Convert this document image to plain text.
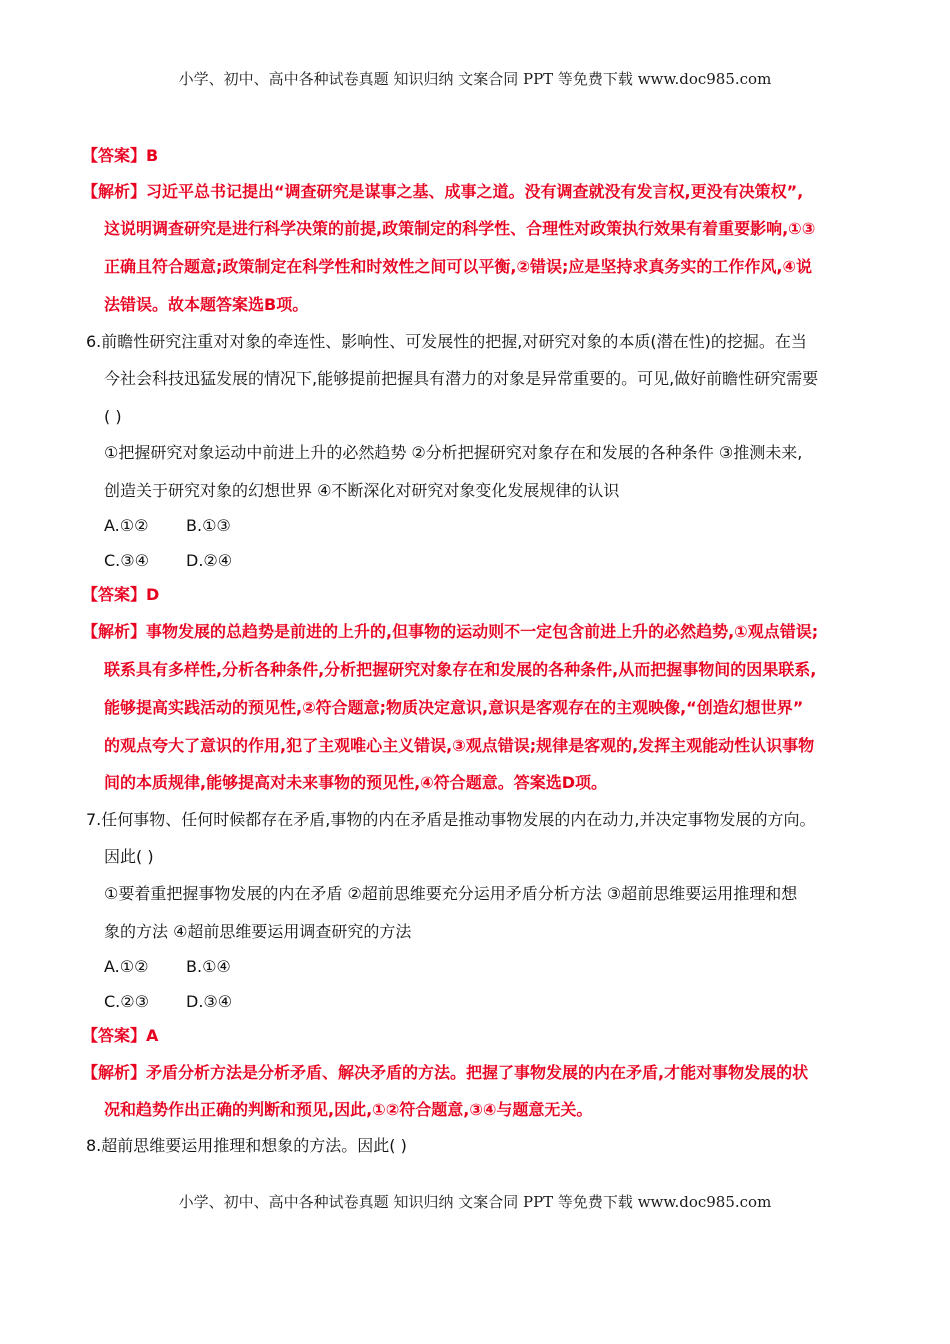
小学、初中、高中各种试卷真题 知识归纳 文案合同 PPT 等免费下载 www.doc985.com
【答案】B
【解析】习近平总书记提出“调查研究是谋事之基、成事之道。没有调查就没有发言权,更没有决策权”,
这说明调查研究是进行科学决策的前提,政策制定的科学性、合理性对政策执行效果有着重要影响,①③
正确且符合题意;政策制定在科学性和时效性之间可以平衡,②错误;应是坚持求真务实的工作作风,④说
法错误。故本题答案选B项。
6.前瞻性研究注重对对象的牵连性、影响性、可发展性的把握,对研究对象的本质(潜在性)的挖掘。在当
今社会科技迅猛发展的情况下,能够提前把握具有潜力的对象是异常重要的。可见,做好前瞻性研究需要
( )
①把握研究对象运动中前进上升的必然趋势 ②分析把握研究对象存在和发展的各种条件 ③推测未来,
创造关于研究对象的幻想世界 ④不断深化对研究对象变化发展规律的认识
A.①② B.①③
C.③④ D.②④
【答案】D
【解析】事物发展的总趋势是前进的上升的,但事物的运动则不一定包含前进上升的必然趋势,①观点错误;
联系具有多样性,分析各种条件,分析把握研究对象存在和发展的各种条件,从而把握事物间的因果联系,
能够提高实践活动的预见性,②符合题意;物质决定意识,意识是客观存在的主观映像,“创造幻想世界”
的观点夸大了意识的作用,犯了主观唯心主义错误,③观点错误;规律是客观的,发挥主观能动性认识事物
间的本质规律,能够提高对未来事物的预见性,④符合题意。答案选D项。
7.任何事物、任何时候都存在矛盾,事物的内在矛盾是推动事物发展的内在动力,并决定事物发展的方向。
因此( )
①要着重把握事物发展的内在矛盾 ②超前思维要充分运用矛盾分析方法 ③超前思维要运用推理和想
象的方法 ④超前思维要运用调查研究的方法
A.①② B.①④
C.②③ D.③④
【答案】A
【解析】矛盾分析方法是分析矛盾、解决矛盾的方法。把握了事物发展的内在矛盾,才能对事物发展的状
况和趋势作出正确的判断和预见,因此,①②符合题意,③④与题意无关。
8.超前思维要运用推理和想象的方法。因此( )
小学、初中、高中各种试卷真题 知识归纳 文案合同 PPT 等免费下载 www.doc985.com
